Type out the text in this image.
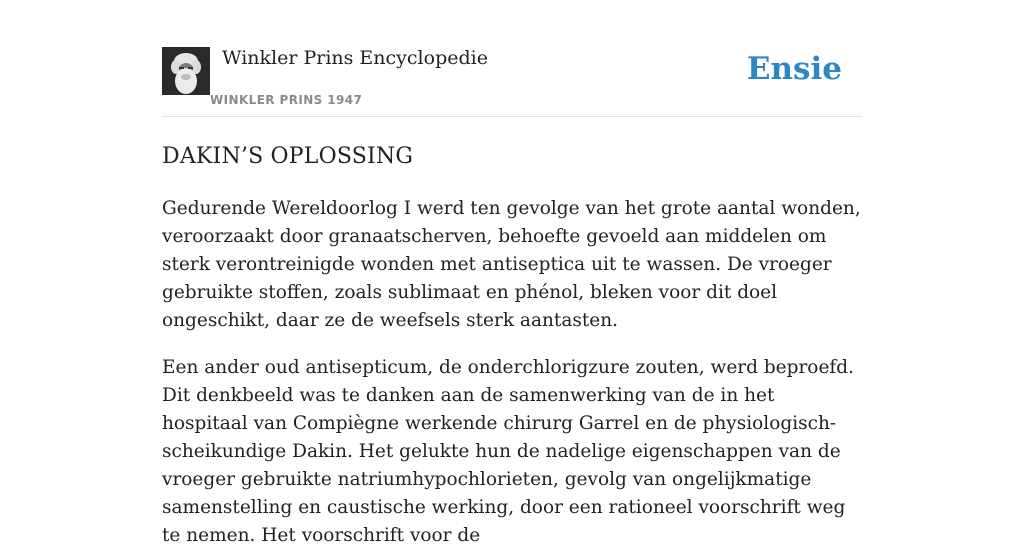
Winkler Prins Encyclopedie
WINKLER PRINS 1947
Ensie
DAKIN’S OPLOSSING

Gedurende Wereldoorlog I werd ten gevolge van het grote aantal wonden, veroorzaakt door granaatscherven, behoefte gevoeld aan middelen om sterk verontreinigde wonden met antiseptica uit te wassen. De vroeger gebruikte stoffen, zoals sublimaat en phénol, bleken voor dit doel ongeschikt, daar ze de weefsels sterk aantasten.

Een ander oud antisepticum, de onderchlorigzure zouten, werd beproefd. Dit denkbeeld was te danken aan de samenwerking van de in het hospitaal van Compiègne werkende chirurg Garrel en de physiologisch-scheikundige Dakin. Het gelukte hun de nadelige eigenschappen van de vroeger gebruikte natriumhypochlorieten, gevolg van ongelijkmatige samenstelling en caustische werking, door een rationeel voorschrift weg te nemen. Het voorschrift voor de
